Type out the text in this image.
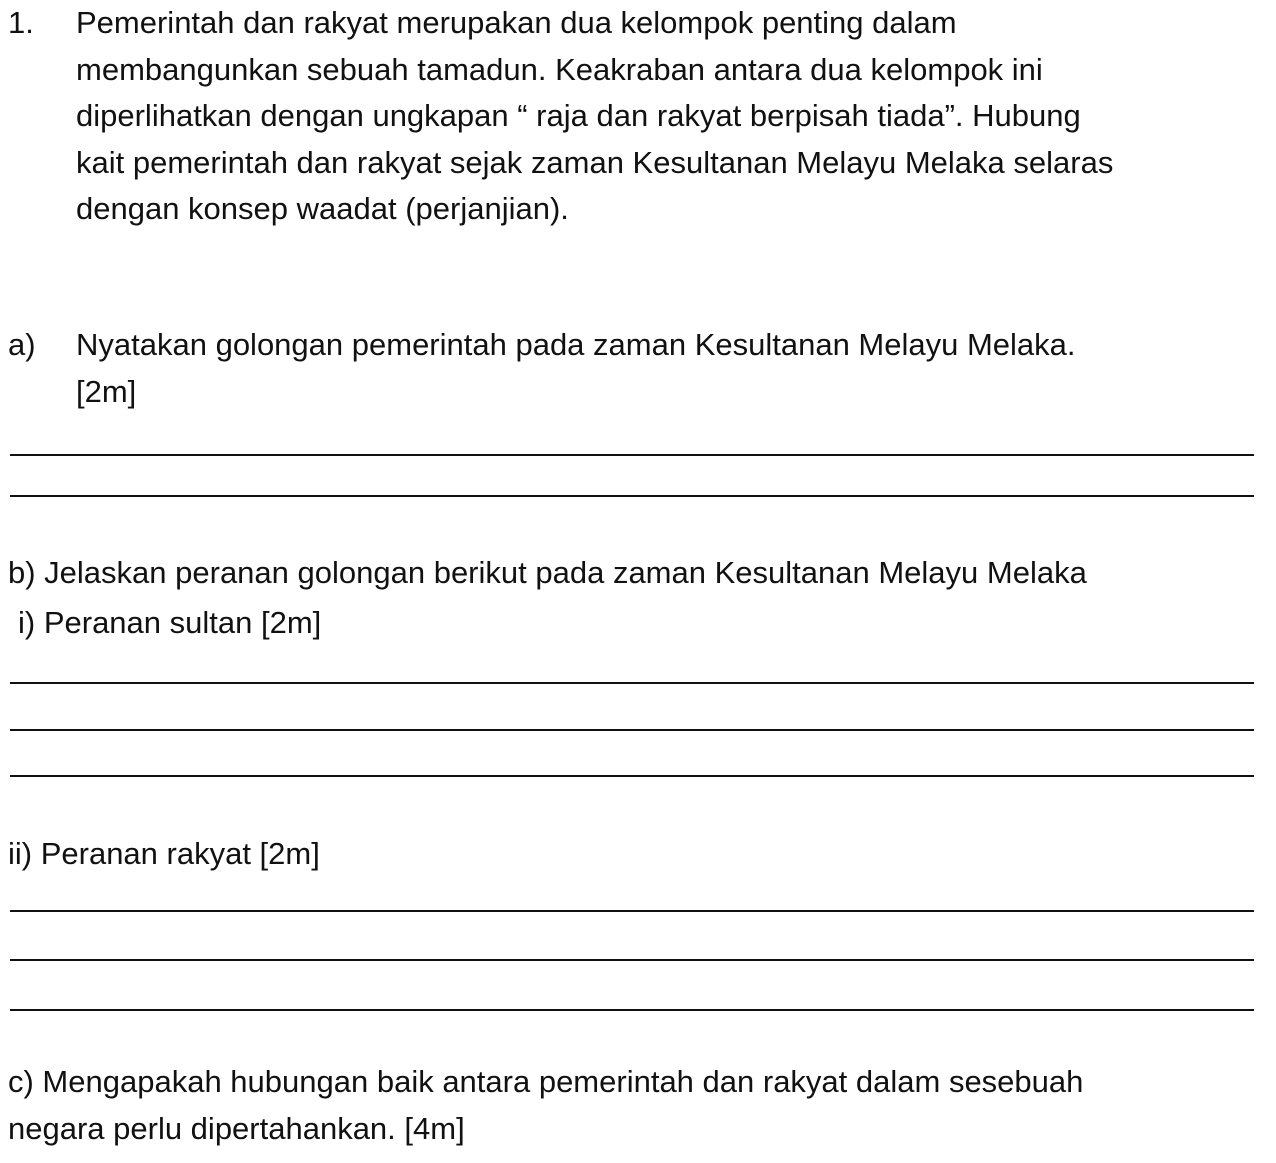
1. Pemerintah dan rakyat merupakan dua kelompok penting dalam
membangunkan sebuah tamadun. Keakraban antara dua kelompok ini
diperlihatkan dengan ungkapan “ raja dan rakyat berpisah tiada”. Hubung
kait pemerintah dan rakyat sejak zaman Kesultanan Melayu Melaka selaras
dengan konsep waadat (perjanjian).
a) Nyatakan golongan pemerintah pada zaman Kesultanan Melayu Melaka.
[2m]
b) Jelaskan peranan golongan berikut pada zaman Kesultanan Melayu Melaka
i) Peranan sultan [2m]
ii) Peranan rakyat [2m]
c) Mengapakah hubungan baik antara pemerintah dan rakyat dalam sesebuah
negara perlu dipertahankan. [4m]
